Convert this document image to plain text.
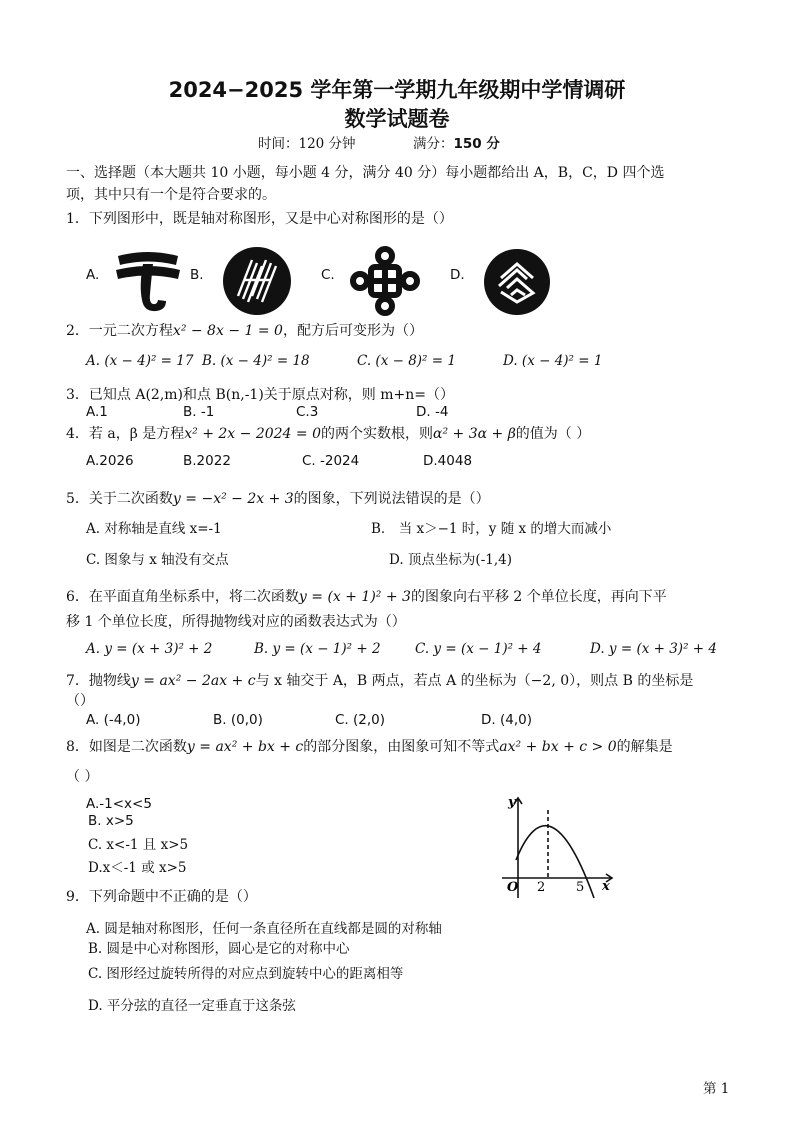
2024−2025 学年第一学期九年级期中学情调研
数学试题卷
时间：120 分钟	满分：150 分
一、选择题（本大题共 10 小题，每小题 4 分，满分 40 分）每小题都给出 A，B，C，D 四个选
项，其中只有一个是符合要求的。
1．下列图形中，既是轴对称图形，又是中心对称图形的是（）
A.	B.	C.	D.
2．一元二次方程x² − 8x − 1 = 0，配方后可变形为（）
A. (x − 4)² = 17 B. (x − 4)² = 18	C. (x − 8)² = 1	D. (x − 4)² = 1
3．已知点 A(2,m)和点 B(n,-1)关于原点对称，则 m+n=（）
A.1	B. -1	C.3	D. -4
4．若 a，β 是方程x² + 2x − 2024 = 0的两个实数根，则α² + 3α + β的值为（ ）
A.2026	B.2022	C. -2024	D.4048
5．关于二次函数y = −x² − 2x + 3的图象，下列说法错误的是（）
A. 对称轴是直线 x=-1	B． 当 x＞−1 时，y 随 x 的增大而减小
C. 图象与 x 轴没有交点	D. 顶点坐标为(-1,4)
6．在平面直角坐标系中，将二次函数y = (x + 1)² + 3的图象向右平移 2 个单位长度，再向下平
移 1 个单位长度，所得抛物线对应的函数表达式为（）
A. y = (x + 3)² + 2	B. y = (x − 1)² + 2	C. y = (x − 1)² + 4	D. y = (x + 3)² + 4
7．抛物线y = ax² − 2ax + c与 x 轴交于 A，B 两点，若点 A 的坐标为（−2, 0），则点 B 的坐标是
（）
A. (-4,0)	B. (0,0)	C. (2,0)	D. (4,0)
8．如图是二次函数y = ax² + bx + c的部分图象，由图象可知不等式ax² + bx + c > 0的解集是
（ ）
A.-1<x<5
B. x>5
C. x<-1 且 x>5
D.x＜-1 或 x>5
y
x
O 2 5
9．下列命题中不正确的是（）
A. 圆是轴对称图形，任何一条直径所在直线都是圆的对称轴
B. 圆是中心对称图形，圆心是它的对称中心
C. 图形经过旋转所得的对应点到旋转中心的距离相等
D. 平分弦的直径一定垂直于这条弦
第 1
